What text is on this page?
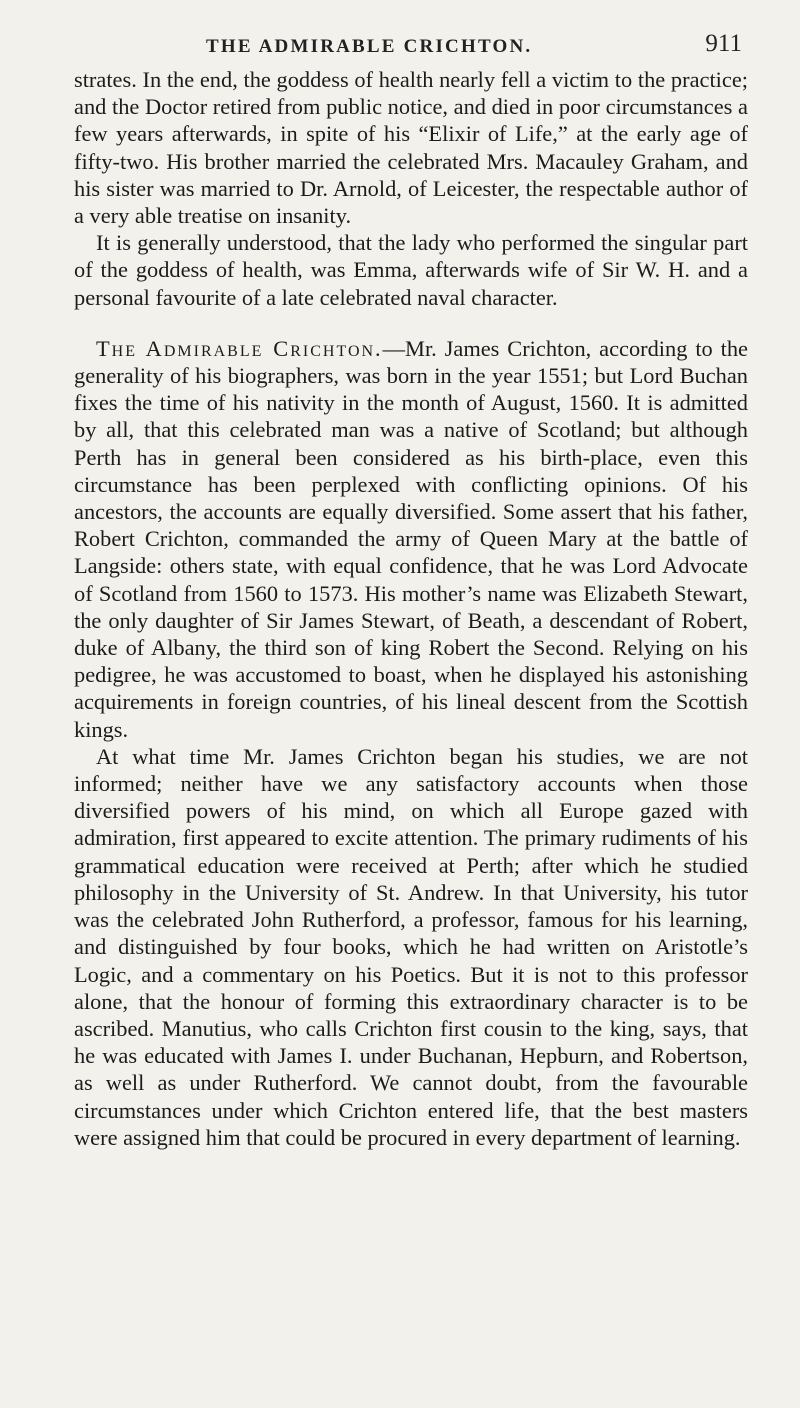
THE ADMIRABLE CRICHTON.	911

strates. In the end, the goddess of health nearly fell a victim to the practice; and the Doctor retired from public notice, and died in poor circumstances a few years afterwards, in spite of his “Elixir of Life,” at the early age of fifty-two. His brother married the celebrated Mrs. Macauley Graham, and his sister was married to Dr. Arnold, of Leicester, the respectable author of a very able treatise on insanity.

It is generally understood, that the lady who performed the singular part of the goddess of health, was Emma, afterwards wife of Sir W. H. and a personal favourite of a late celebrated naval character.

The Admirable Crichton.—Mr. James Crichton, according to the generality of his biographers, was born in the year 1551; but Lord Buchan fixes the time of his nativity in the month of August, 1560. It is admitted by all, that this celebrated man was a native of Scotland; but although Perth has in general been considered as his birth-place, even this circumstance has been perplexed with conflicting opinions. Of his ancestors, the accounts are equally diversified. Some assert that his father, Robert Crichton, commanded the army of Queen Mary at the battle of Langside: others state, with equal confidence, that he was Lord Advocate of Scotland from 1560 to 1573. His mother’s name was Elizabeth Stewart, the only daughter of Sir James Stewart, of Beath, a descendant of Robert, duke of Albany, the third son of king Robert the Second. Relying on his pedigree, he was accustomed to boast, when he displayed his astonishing acquirements in foreign countries, of his lineal descent from the Scottish kings.

At what time Mr. James Crichton began his studies, we are not informed; neither have we any satisfactory accounts when those diversified powers of his mind, on which all Europe gazed with admiration, first appeared to excite attention. The primary rudiments of his grammatical education were received at Perth; after which he studied philosophy in the University of St. Andrew. In that University, his tutor was the celebrated John Rutherford, a professor, famous for his learning, and distinguished by four books, which he had written on Aristotle’s Logic, and a commentary on his Poetics. But it is not to this professor alone, that the honour of forming this extraordinary character is to be ascribed. Manutius, who calls Crichton first cousin to the king, says, that he was educated with James I. under Buchanan, Hepburn, and Robertson, as well as under Rutherford. We cannot doubt, from the favourable circumstances under which Crichton entered life, that the best masters were assigned him that could be procured in every department of learning.
